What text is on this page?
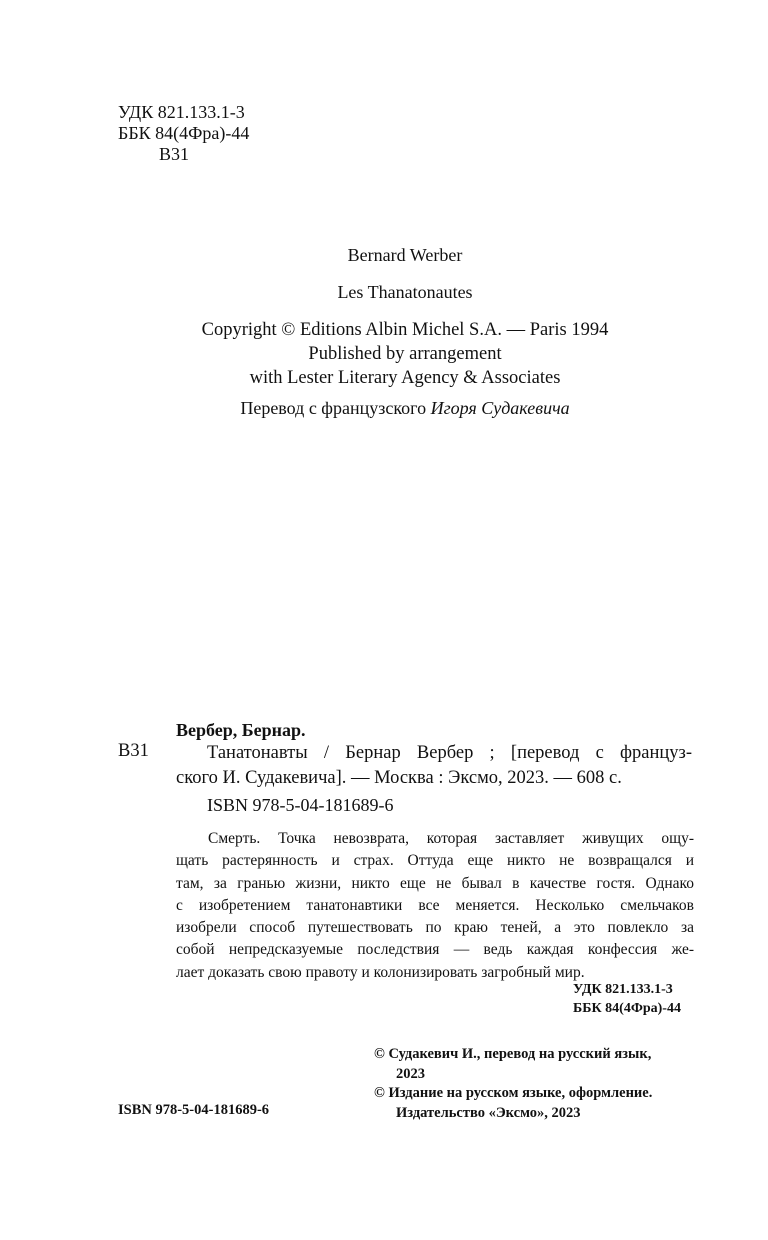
УДК 821.133.1-3
ББК 84(4Фра)-44
В31
Bernard Werber
Les Thanatonautes
Copyright © Editions Albin Michel S.A. — Paris 1994
Published by arrangement
with Lester Literary Agency & Associates
Перевод с французского Игоря Судакевича
Вербер, Бернар.
В31	Танатонавты / Бернар Вербер ; [перевод с француз-
ского И. Судакевича]. — Москва : Эксмо, 2023. — 608 с.
ISBN 978-5-04-181689-6
Смерть. Точка невозврата, которая заставляет живущих ощу-
щать растерянность и страх. Оттуда еще никто не возвращался и
там, за гранью жизни, никто еще не бывал в качестве гостя. Однако
с изобретением танатонавтики все меняется. Несколько смельчаков
изобрели способ путешествовать по краю теней, а это повлекло за
собой непредсказуемые последствия — ведь каждая конфессия же-
лает доказать свою правоту и колонизировать загробный мир.
УДК 821.133.1-3
ББК 84(4Фра)-44
© Судакевич И., перевод на русский язык,
2023
© Издание на русском языке, оформление.
Издательство «Эксмо», 2023
ISBN 978-5-04-181689-6
